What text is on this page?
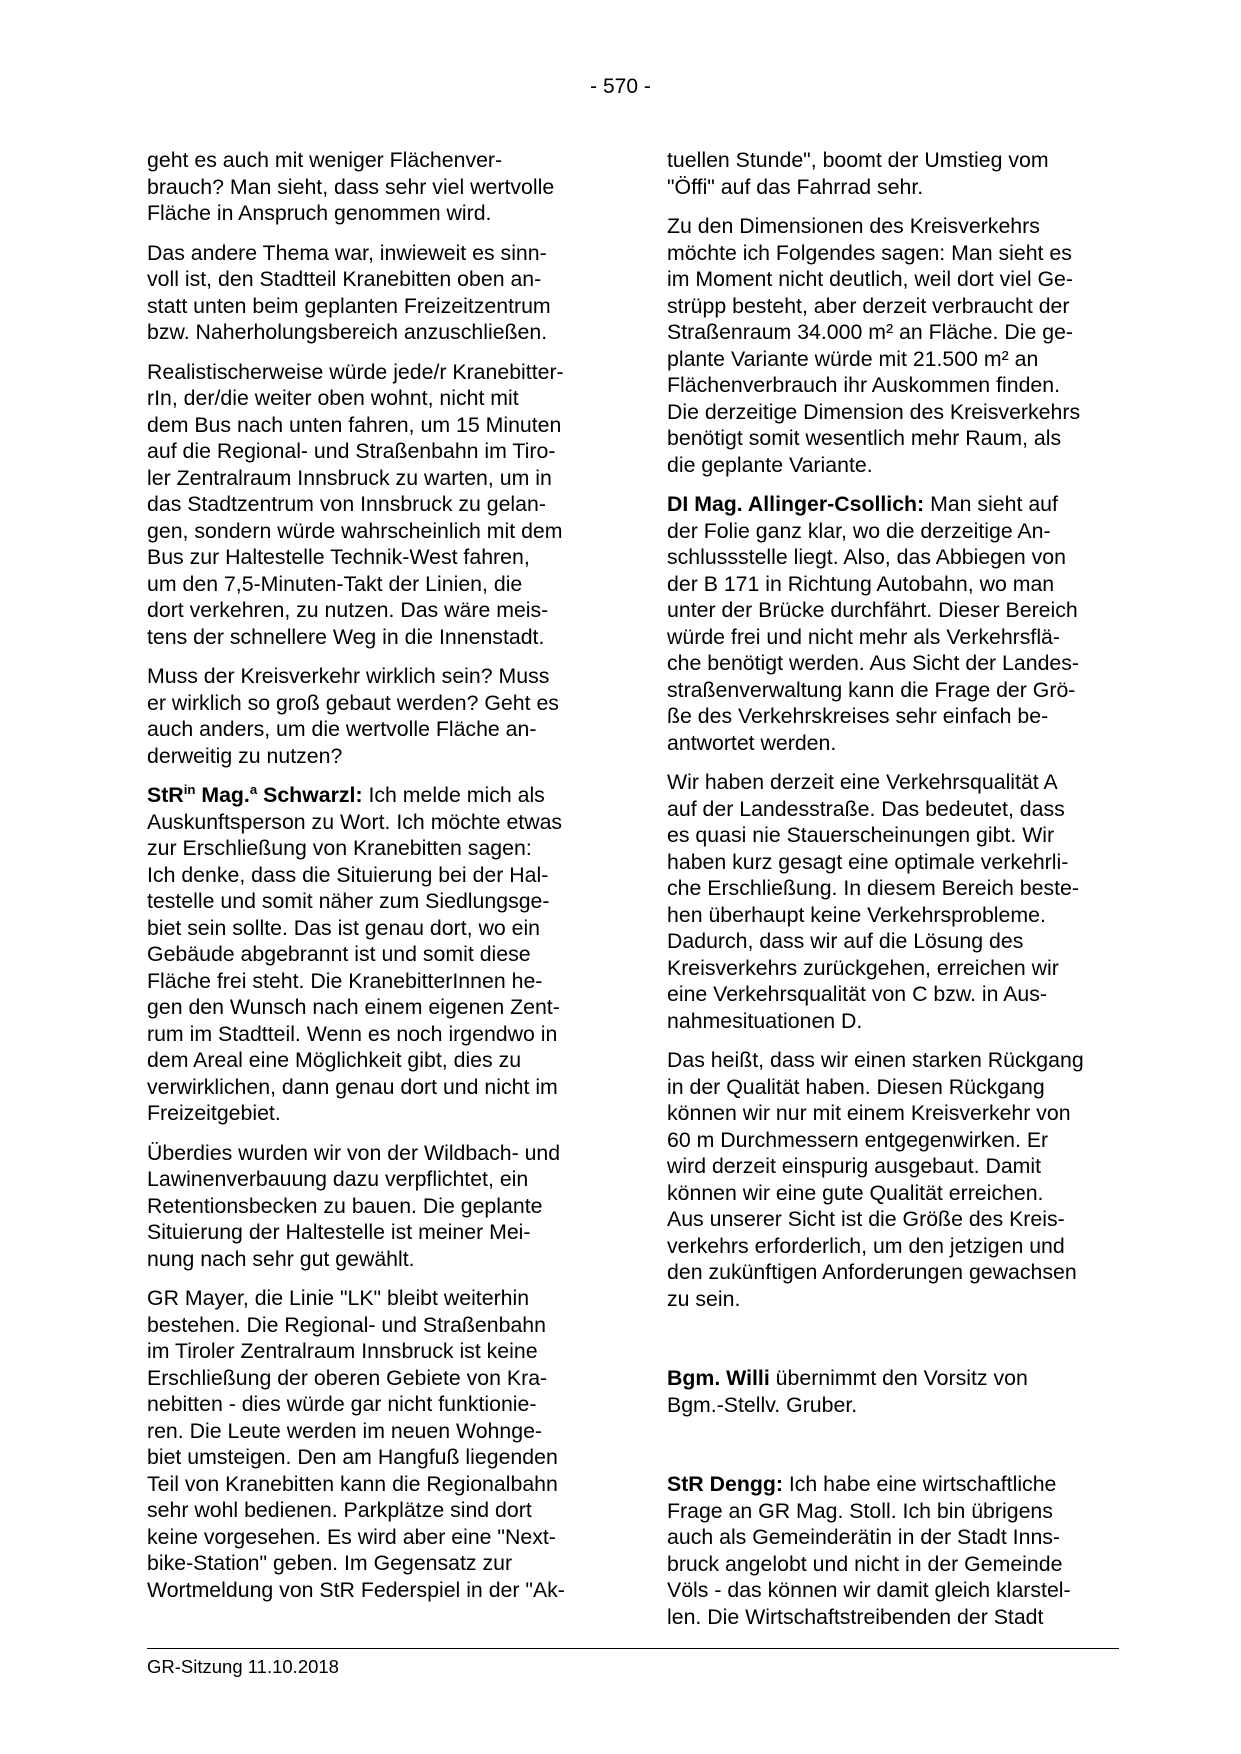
- 570 -

geht es auch mit weniger Flächenver-
brauch? Man sieht, dass sehr viel wertvolle
Fläche in Anspruch genommen wird.

Das andere Thema war, inwieweit es sinn-
voll ist, den Stadtteil Kranebitten oben an-
statt unten beim geplanten Freizeitzentrum
bzw. Naherholungsbereich anzuschließen.

Realistischerweise würde jede/r Kranebitter-
rIn, der/die weiter oben wohnt, nicht mit
dem Bus nach unten fahren, um 15 Minuten
auf die Regional- und Straßenbahn im Tiro-
ler Zentralraum Innsbruck zu warten, um in
das Stadtzentrum von Innsbruck zu gelan-
gen, sondern würde wahrscheinlich mit dem
Bus zur Haltestelle Technik-West fahren,
um den 7,5-Minuten-Takt der Linien, die
dort verkehren, zu nutzen. Das wäre meis-
tens der schnellere Weg in die Innenstadt.

Muss der Kreisverkehr wirklich sein? Muss
er wirklich so groß gebaut werden? Geht es
auch anders, um die wertvolle Fläche an-
derweitig zu nutzen?

StR$^{in}$ Mag.$^a$ Schwarzl: Ich melde mich als
Auskunftsperson zu Wort. Ich möchte etwas
zur Erschließung von Kranebitten sagen:
Ich denke, dass die Situierung bei der Hal-
testelle und somit näher zum Siedlungsge-
biet sein sollte. Das ist genau dort, wo ein
Gebäude abgebrannt ist und somit diese
Fläche frei steht. Die KranebitterInnen he-
gen den Wunsch nach einem eigenen Zent-
rum im Stadtteil. Wenn es noch irgendwo in
dem Areal eine Möglichkeit gibt, dies zu
verwirklichen, dann genau dort und nicht im
Freizeitgebiet.

Überdies wurden wir von der Wildbach- und
Lawinenverbauung dazu verpflichtet, ein
Retentionsbecken zu bauen. Die geplante
Situierung der Haltestelle ist meiner Mei-
nung nach sehr gut gewählt.

GR Mayer, die Linie "LK" bleibt weiterhin
bestehen. Die Regional- und Straßenbahn
im Tiroler Zentralraum Innsbruck ist keine
Erschließung der oberen Gebiete von Kra-
nebitten - dies würde gar nicht funktionie-
ren. Die Leute werden im neuen Wohnge-
biet umsteigen. Den am Hangfuß liegenden
Teil von Kranebitten kann die Regionalbahn
sehr wohl bedienen. Parkplätze sind dort
keine vorgesehen. Es wird aber eine "Next-
bike-Station" geben. Im Gegensatz zur
Wortmeldung von StR Federspiel in der "Ak-

tuellen Stunde", boomt der Umstieg vom
"Öffi" auf das Fahrrad sehr.

Zu den Dimensionen des Kreisverkehrs
möchte ich Folgendes sagen: Man sieht es
im Moment nicht deutlich, weil dort viel Ge-
strüpp besteht, aber derzeit verbraucht der
Straßenraum 34.000 m² an Fläche. Die ge-
plante Variante würde mit 21.500 m² an
Flächenverbrauch ihr Auskommen finden.
Die derzeitige Dimension des Kreisverkehrs
benötigt somit wesentlich mehr Raum, als
die geplante Variante.

DI Mag. Allinger-Csollich: Man sieht auf
der Folie ganz klar, wo die derzeitige An-
schlussstelle liegt. Also, das Abbiegen von
der B 171 in Richtung Autobahn, wo man
unter der Brücke durchfährt. Dieser Bereich
würde frei und nicht mehr als Verkehrsflä-
che benötigt werden. Aus Sicht der Landes-
straßenverwaltung kann die Frage der Grö-
ße des Verkehrskreises sehr einfach be-
antwortet werden.

Wir haben derzeit eine Verkehrsqualität A
auf der Landesstraße. Das bedeutet, dass
es quasi nie Stauerscheinungen gibt. Wir
haben kurz gesagt eine optimale verkehrli-
che Erschließung. In diesem Bereich beste-
hen überhaupt keine Verkehrsprobleme.
Dadurch, dass wir auf die Lösung des
Kreisverkehrs zurückgehen, erreichen wir
eine Verkehrsqualität von C bzw. in Aus-
nahmesituationen D.

Das heißt, dass wir einen starken Rückgang
in der Qualität haben. Diesen Rückgang
können wir nur mit einem Kreisverkehr von
60 m Durchmessern entgegenwirken. Er
wird derzeit einspurig ausgebaut. Damit
können wir eine gute Qualität erreichen.
Aus unserer Sicht ist die Größe des Kreis-
verkehrs erforderlich, um den jetzigen und
den zukünftigen Anforderungen gewachsen
zu sein.

Bgm. Willi übernimmt den Vorsitz von
Bgm.-Stellv. Gruber.

StR Dengg: Ich habe eine wirtschaftliche
Frage an GR Mag. Stoll. Ich bin übrigens
auch als Gemeinderätin in der Stadt Inns-
bruck angelobt und nicht in der Gemeinde
Völs - das können wir damit gleich klarstel-
len. Die Wirtschaftstreibenden der Stadt

GR-Sitzung 11.10.2018
